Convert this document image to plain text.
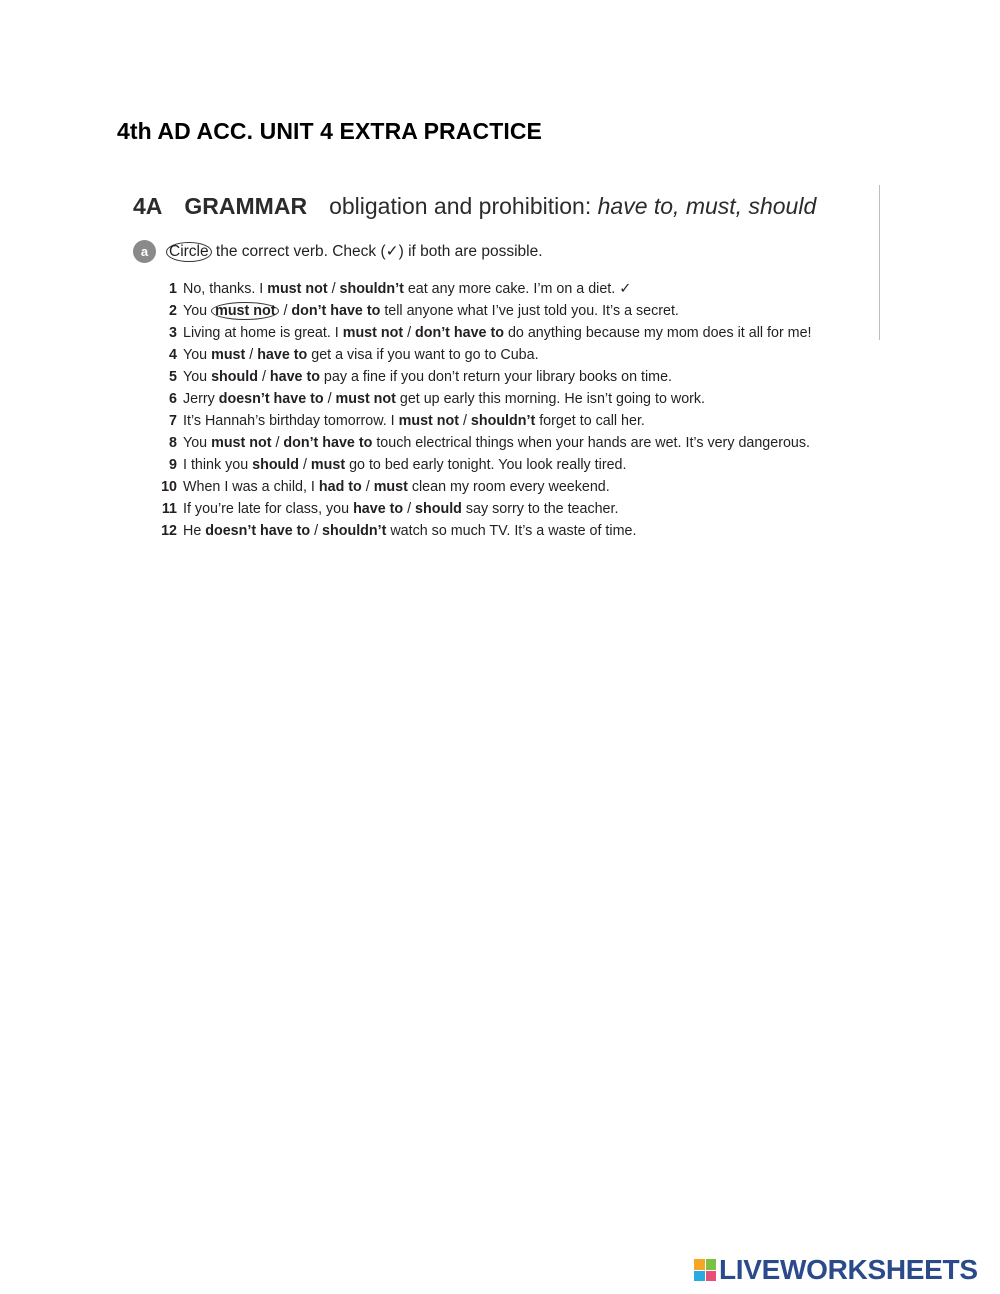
4th AD ACC. UNIT 4 EXTRA PRACTICE
4A GRAMMAR obligation and prohibition: have to, must, should
a	Circle the correct verb. Check (✓) if both are possible.
1 No, thanks. I must not / shouldn’t eat any more cake. I’m on a diet. ✓
2 You must not / don’t have to tell anyone what I’ve just told you. It’s a secret.
3 Living at home is great. I must not / don’t have to do anything because my mom does it all for me!
4 You must / have to get a visa if you want to go to Cuba.
5 You should / have to pay a fine if you don’t return your library books on time.
6 Jerry doesn’t have to / must not get up early this morning. He isn’t going to work.
7 It’s Hannah’s birthday tomorrow. I must not / shouldn’t forget to call her.
8 You must not / don’t have to touch electrical things when your hands are wet. It’s very dangerous.
9 I think you should / must go to bed early tonight. You look really tired.
10 When I was a child, I had to / must clean my room every weekend.
11 If you’re late for class, you have to / should say sorry to the teacher.
12 He doesn’t have to / shouldn’t watch so much TV. It’s a waste of time.
LIVEWORKSHEETS
